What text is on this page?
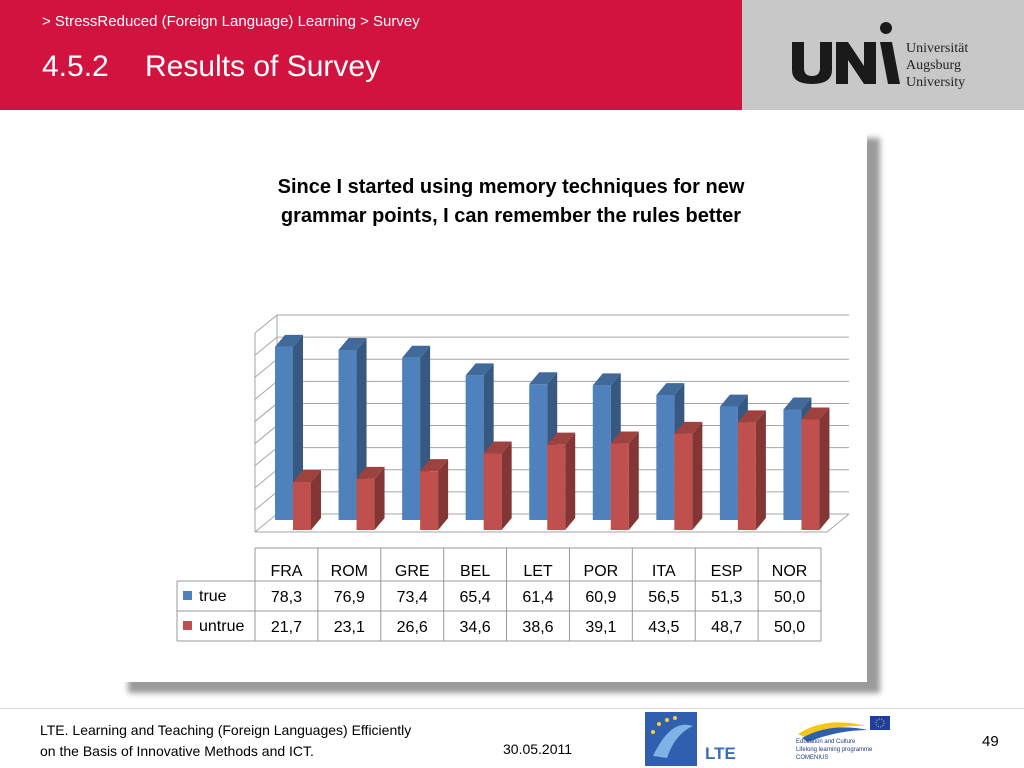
> StressReduced (Foreign Language) Learning > Survey
4.5.2 Results of Survey
Universität
Augsburg
University
Since I started using memory techniques for new
grammar points, I can remember the rules better
FRA ROM GRE BEL LET POR ITA ESP NOR
true	78,3 76,9 73,4 65,4 61,4 60,9 56,5 51,3 50,0
untrue 21,7 23,1 26,6 34,6 38,6 39,1 43,5 48,7 50,0
LTE. Learning and Teaching (Foreign Languages) Efficiently
on the Basis of Innovative Methods and ICT.	30.05.2011	LTE
Education and Culture
Lifelong learning programme
COMENIUS
49
